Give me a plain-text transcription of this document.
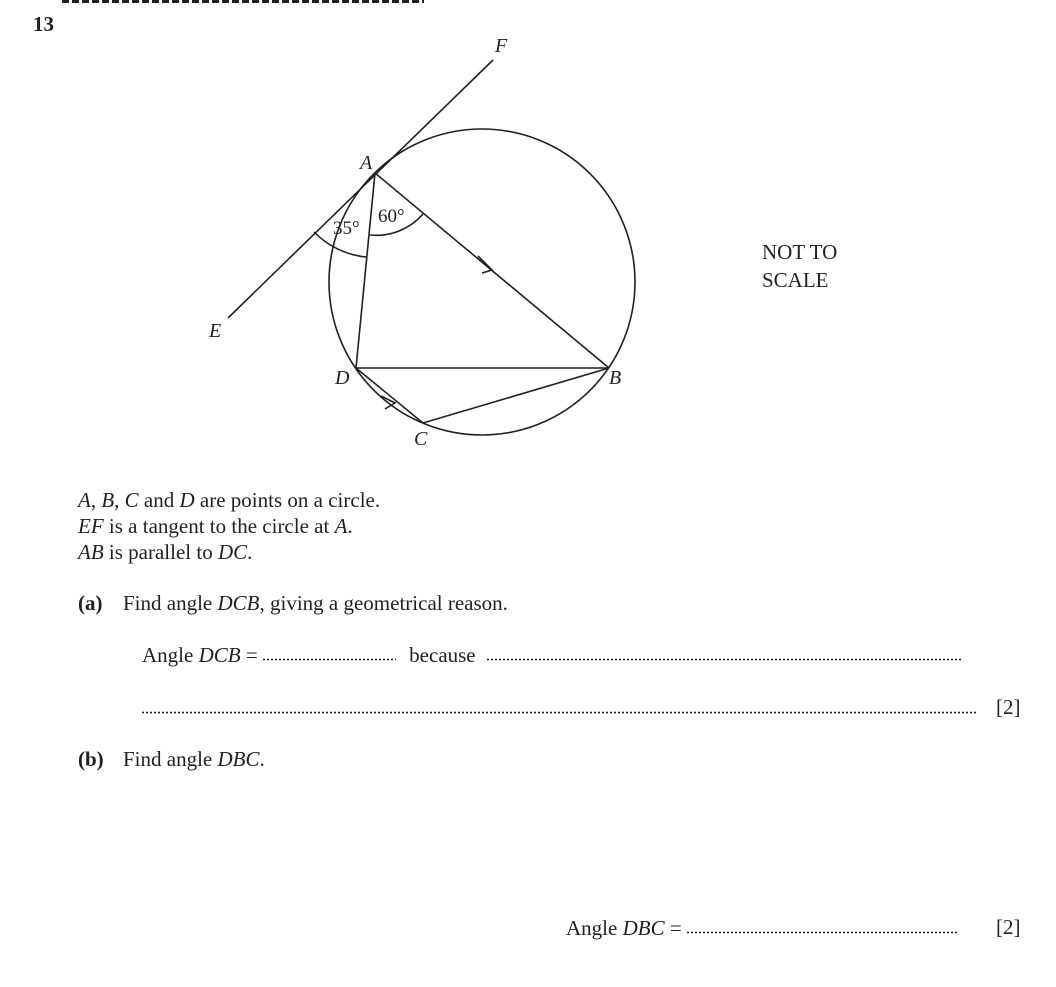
13
F
A
E
D	B
C
35°
60°
NOT TO
SCALE
A, B, C and D are points on a circle.
EF is a tangent to the circle at A.
AB is parallel to DC.
(a) Find angle DCB, giving a geometrical reason.
Angle DCB =	because
[2]
(b) Find angle DBC.
Angle DBC =	[2]
